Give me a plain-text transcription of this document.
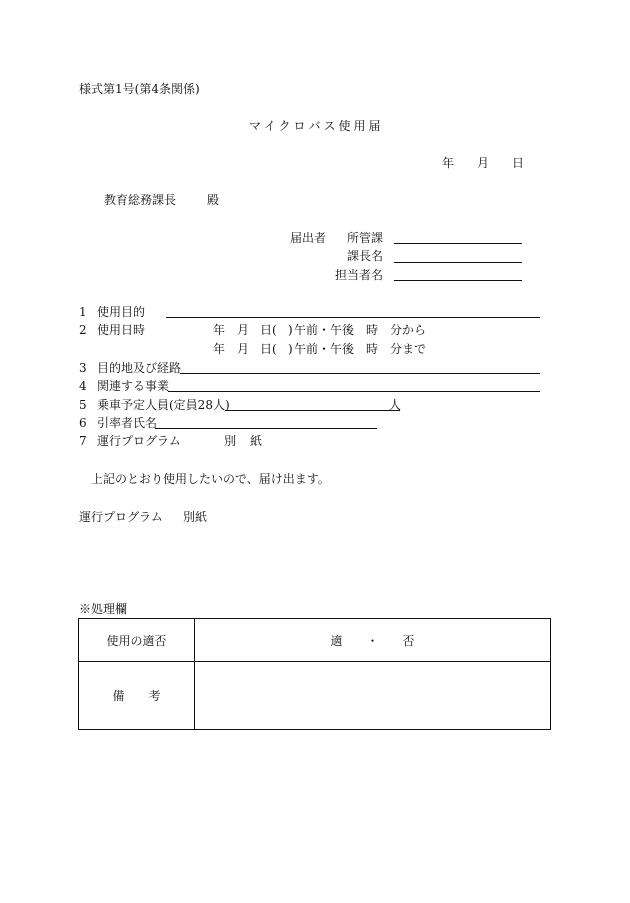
様式第1号(第4条関係)
マイクロバス使用届
年 月 日
教育総務課長	殿
届出者 所管課
課長名
担当者名
1 使用目的
2 使用日時	年 月 日( ) 午前・午後 時 分から
年 月 日( ) 午前・午後 時 分まで
3 目的地及び経路
4 関連する事業
5 乗車予定人員(定員28人)	人
6 引率者氏名
7 運行プログラム	別 紙
上記のとおり使用したいので、届け出ます。
運行プログラム 別紙
※処理欄
使用の適否	適　　・　　否
備　　考	
